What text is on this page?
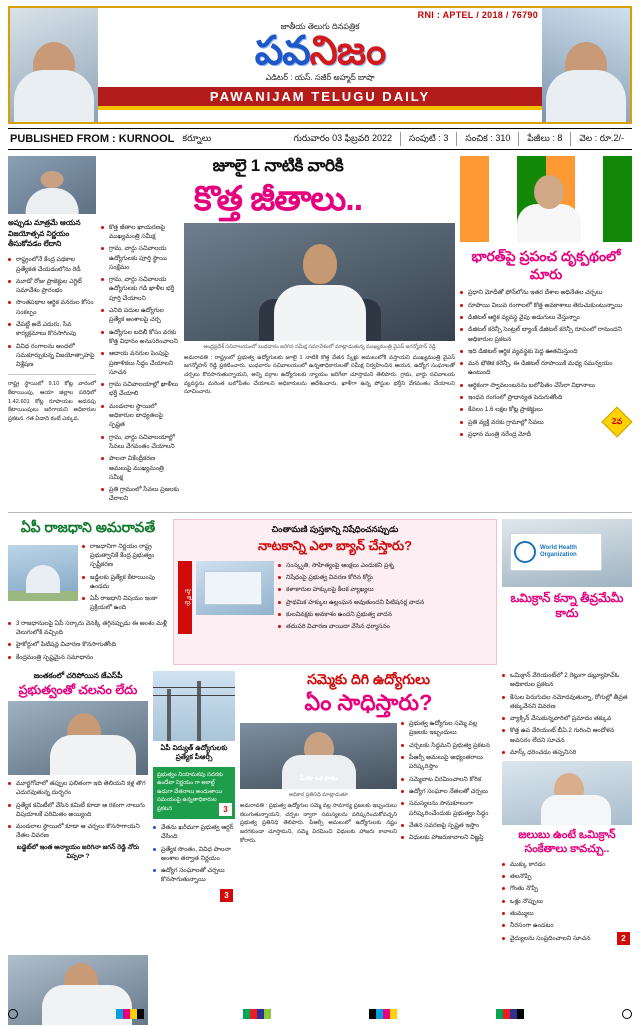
RNI : APTEL / 2018 / 76790
జాతీయ తెలుగు దినపత్రిక
పవనిజం
ఎడిటర్ : యస్. సజీర్ అహ్మద్ బాషా
PAWANIJAM TELUGU DAILY
PUBLISHED FROM : KURNOOL కర్నూలు	గురువారం 03 ఫిబ్రవరి 2022	సంపుటి : 3	సంచిక : 310	పేజీలు : 8	వెల : రూ.2/-
అప్పుడు మాత్రమే ఆయన విజయోత్సవ నిర్ణయం తీసుకోవడం లేదాని
రాష్ట్రంలోనే కేంద్ర పథకాల ప్రత్యేకత చేయడంలోను రెడీ
మూడో రోజు ప్రాజెక్టుల ఎగ్జిట్ సమావేశం ప్రారంభం
సొంతపథాల ఆర్థిక వనరుల కోసం సంకల్పం
చేపట్టే అదే ఎదురు, సేవ కార్యక్రమాలు కొనసాగింపు
వివిధ రంగాలను అందలో సమకూర్చుకున్న విజయోత్సాహపై విశ్లేషణ
రాష్ట్ర స్థాయిలో 9.10 కోట్ల వారంలో కేటాయింపు, ఆయా జిల్లాల పరిధిలో 1.42.601 కోట్ల రూపాయల అదనపు కేటాయింపులు జరిగాయని అధికారుల ప్రకటన. గత ఏడాది కంటే ఎక్కువ.
జూలై 1 నాటికి వారికి
కొత్త జీతాలు..
కొత్త జీతాల ఖాయరణపై ముఖ్యమంత్రి సమీక్ష
గ్రామ, వార్డు సచివాలయ ఉద్యోగులకు పూర్తి స్థాయి సంక్షేమం
గ్రామ, వార్డు సచివాలయ ఉద్యోగులకు గడి ఖాళీల భర్తీ పూర్తి చేయాలని
ఎనిది పదుల ఉద్యోగుల ప్రత్యేక అంశాలపై చర్చ
ఉద్యోగుల బదిలీ కోసం వరకు కొత్త విధానం అనుసరించాలని
ఆదాయ వనరుల పెంపుపై ప్రణాళికలు సిద్ధం చేయాలని సూచన
గ్రామ సచివాలయాల్లో ఖాళీలు భర్తీ చేయాలి
మండలాల స్థాయిలో అధికారుల బాధ్యతలపై స్పష్టత
గ్రామ, వార్డు సచివాలయాల్లో సేవలు వేగవంతం చేయాలని
పాలనా వికేంద్రీకరణ అమలుపై ముఖ్యమంత్రి సమీక్ష
ప్రతి గ్రామంలో సేవలు ప్రజలకు చేరాలని
ఆంధ్రప్రదేశ్ సచివాలయంలో బుధవారం జరిగిన సమీక్ష సమావేశంలో మాట్లాడుతున్న ముఖ్యమంత్రి వైఎస్ జగన్మోహన్ రెడ్డి
అమరావతి : రాష్ట్రంలో ప్రభుత్వ ఉద్యోగులకు జూలై 1 నాటికి కొత్త వేతన స్కేళ్లు అమలులోకి వస్తాయని ముఖ్యమంత్రి వైఎస్ జగన్మోహన్ రెడ్డి ప్రకటించారు. బుధవారం సచివాలయంలో ఉన్నతాధికారులతో సమీక్ష నిర్వహించిన ఆయన, ఉద్యోగ సంఘాలతో చర్చలు కొనసాగుతున్నాయని, అన్ని వర్గాల ఉద్యోగులకు న్యాయం జరిగేలా చూస్తామని తెలిపారు. గ్రామ, వార్డు సచివాలయ వ్యవస్థను మరింత బలోపేతం చేయాలని అధికారులను ఆదేశించారు. ఖాళీగా ఉన్న పోస్టుల భర్తీని వేగవంతం చేయాలని సూచించారు.
భారత్‌పై ప్రపంచ దృక్పథంలో మారు
ప్రధాని మోదీతో ఫోన్‌లోను ఇతర దేశాల అధినేతల చర్చలు
రూపాయి విలువ రంగాలలో కొత్త అవకాశాలు తెరుచుకుంటున్నాయి
డిజిటల్ ఆర్థిక వ్యవస్థ వైపు అడుగులు వేస్తున్నాం
డిజిటల్ కరెన్సీ సెంట్రల్ బ్యాంక్ డిజిటల్ కరెన్సీ రూపంలో రానుందని అధికారుల ప్రకటన
ఇది డిజిటల్ ఆర్థిక వ్యవస్థకు పెద్ద ఊతమిస్తుంది
మన భౌతిక కరెన్సీ, ఈ డిజిటల్ రూపాయికి మధ్య సమన్వయం ఉంటుంది
ఆర్థికంగా స్వావలంబనను బలోపేతం చేసేలా విధానాలు
ఇంధన రంగంలో ప్రాధాన్యత పెరుగుతోంది
కేవలం 1.6 లక్షల కోట్ల ప్రాజెక్టులు
ప్రతి వ్యక్తి వరకు గ్రామాల్లో సేవలు
ప్రధాన మంత్రి నరేంద్ర మోదీ
2వ
ఏపీ రాజధాని అమరావతే
రాజధానిగా నిర్ణయం రాష్ట్ర ప్రభుత్వానికే కేంద్ర ప్రభుత్వం స్పష్టీకరణ
జడ్జిలకు ప్రత్యేక కేటాయింపు ఉండదు
ఏపీ రాజధాని విషయం ఇంకా ప్రక్రియలో ఉంది
3 రాజధానులపై ఏపీ సర్కారు వెనక్కి తగ్గినప్పుడు ఈ అంశం మళ్లీ వెలుగులోకి వచ్చింది
హైకోర్టులో పిటిషన్ల విచారణ కొనసాగుతోంది
కేంద్రమంత్రి స్పష్టమైన సమాధానం
చింతామణి పుస్తకాన్ని నిషేధించనప్పుడు
నాటకాన్ని ఎలా బ్యాన్ చేస్తారు?
హైకోర్టు
సంస్కృతి, సాహిత్యంపై ఆంక్షలు ఎందుకని ప్రశ్న
నిషేధంపై ప్రభుత్వ వివరణ కోరిన కోర్టు
కళాకారుల హక్కులపై కీలక వ్యాఖ్యలు
ప్రాథమిక హక్కుల ఉల్లంఘన అవుతుందని పిటిషనర్ల వాదన
కులవివక్షకు అవకాశం ఉందని ప్రభుత్వ వాదన
తదుపరి విచారణ వాయిదా వేసిన ధర్మాసనం
World Health
Organization
ఒమిక్రాన్ కన్నా తీవ్రమేమీ కాదు
జంతకంలో చరిపోయిన జేఎస్‌పీ
ప్రభుత్వంతో చలనం లేదు
మూర్ఖగోవాలో తప్పుల ఫలితంగా ఇది తెలియని కళ్ల తొగ ఎదురవుతున్న దుర్భరం
ప్రత్యేక కమిటీలో వేసిన కమిటీ కూడా ఆ రకంగా నాలుగు విషయాలకే పరిమితం అయ్యింది
మండలాల స్థాయిలో కూడా ఆ చర్చలు కొనసాగాయని నేతల వివరణ
బడ్జెట్‌లో ఇంత అన్యాయం జరిగినా జగన్ రెడ్డి నోరు విప్పరా ?
ఏపీ విద్యుత్ ఉద్యోగులకు ప్రత్యేక పీఆర్సీ
ప్రభుత్వం నియామకపు సదరకు ఉండేలా నిర్ణయం గా అకాల్డ్ ఉడుగా వేతనాలు అందుతాయి సమయంపై ఉన్నతాధికారుల ప్రకటన	3
వేతను ఖరీదుగా ప్రభుత్వ ఆర్డర్ చేసింది
ప్రత్యేక సొంతం, వివిధ పాలనా అంశాల తర్వాత నిర్ణయం
ఉద్యోగ సంఘాలతో చర్చలు కొనసాగుతున్నాయి
3
సమ్మెకు దిగి ఉద్యోగులు
ఏం సాధిస్తారు?
మీరూ ఒక పాఠం
అధికార ప్రతినిధి మాట్లాడుతూ
అమరావతి : ప్రభుత్వ ఉద్యోగుల సమ్మె వల్ల సామాన్య ప్రజలకు ఇబ్బందులు కలుగుతున్నాయని, చర్చల ద్వారా సమస్యలను పరిష్కరించుకోవచ్చని ప్రభుత్వ ప్రతినిధి తెలిపారు. పీఆర్సీ అమలులో ఉద్యోగులకు నష్టం జరగకుండా చూస్తామని, సమ్మె విరమించి విధులకు హాజరు కావాలని కోరారు.
ప్రభుత్వ ఉద్యోగుల సమ్మె వల్ల ప్రజలకు ఇబ్బందులు
చర్చలకు సిద్ధమని ప్రభుత్వ ప్రకటన
పీఆర్సీ అమలుపై అభ్యంతరాలు పరిష్కరిస్తాం
సమ్మెబాట విరమించాలని కోరిక
ఉద్యోగ సంఘాల నేతలతో చర్చలు
సమస్యలను సానుకూలంగా పరిష్కరించేందుకు ప్రభుత్వం సిద్ధం
వేతన సవరణపై స్పష్టత ఇస్తాం
విధులకు హాజరుకావాలని విజ్ఞప్తి
ఒమిక్రాన్ వేరియంట్‌లో 2 రెట్లుగా డబ్ల్యూహెచ్ఓ అధికారుల ప్రకటన
కేసుల పెరుగుదల నమోదవుతున్నా, రోగుల్లో తీవ్రత తక్కువేనని వివరణ
వ్యాక్సిన్ వేసుకున్నవారిలో ప్రమాదం తక్కువ
కొత్త ఉప వేరియంట్ బీఏ.2 గురించి ఆందోళన అవసరం లేదని సూచన
మాస్క్ ధరించడం తప్పనిసరి
జలుబు ఉంటే ఒమిక్రాన్ సంకేతాలు కావచ్చు..
ముక్కు కారడం
తలనొప్పి
గొంతు నొప్పి
ఒళ్లు నొప్పులు
తుమ్ములు
నీరసంగా ఉండటం
వైద్యులను సంప్రదించాలని సూచన	2
